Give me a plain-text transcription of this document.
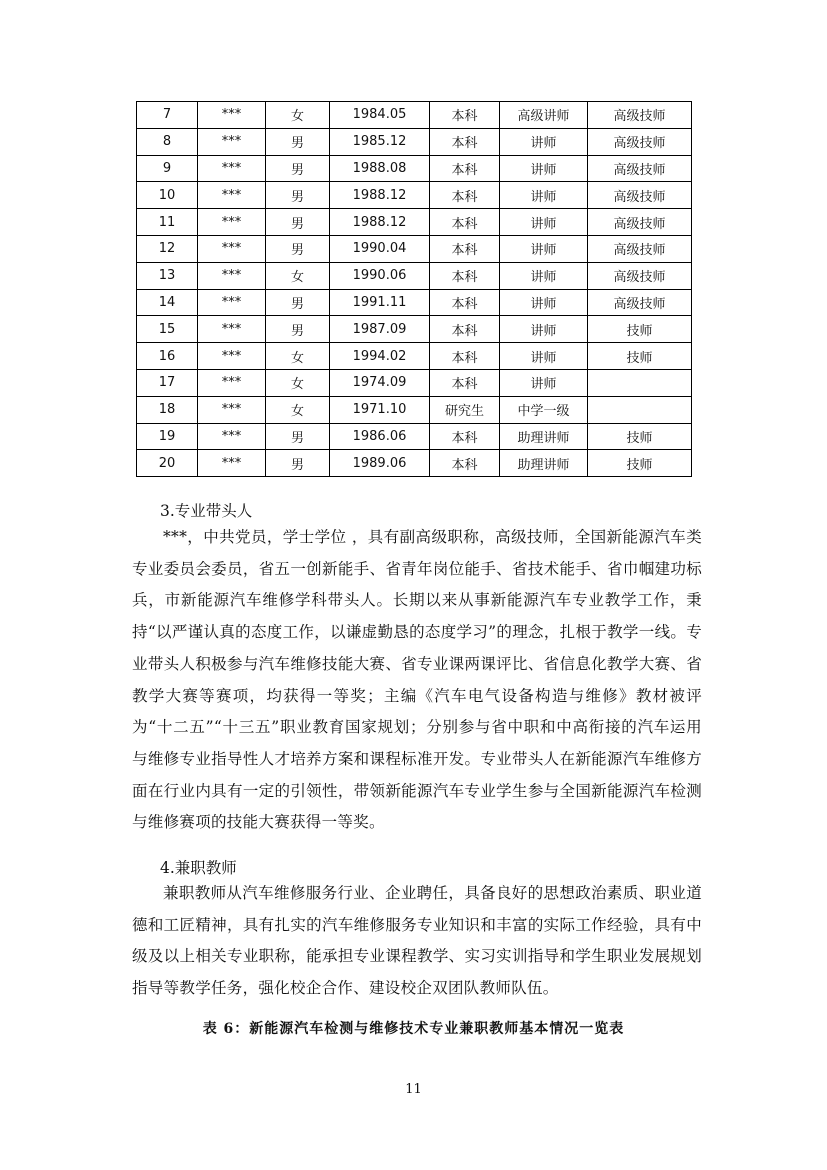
7	***	女	1984.05	本科	高级讲师	高级技师
8	***	男	1985.12	本科	讲师	高级技师
9	***	男	1988.08	本科	讲师	高级技师
10	***	男	1988.12	本科	讲师	高级技师
11	***	男	1988.12	本科	讲师	高级技师
12	***	男	1990.04	本科	讲师	高级技师
13	***	女	1990.06	本科	讲师	高级技师
14	***	男	1991.11	本科	讲师	高级技师
15	***	男	1987.09	本科	讲师	技师
16	***	女	1994.02	本科	讲师	技师
17	***	女	1974.09	本科	讲师	
18	***	女	1971.10	研究生	中学一级	
19	***	男	1986.06	本科	助理讲师	技师
20	***	男	1989.06	本科	助理讲师	技师
3.专业带头人

***，中共党员，学士学位 ，具有副高级职称，高级技师，全国新能源汽车类专业委员会委员，省五一创新能手、省青年岗位能手、省技术能手、省巾帼建功标兵，市新能源汽车维修学科带头人。长期以来从事新能源汽车专业教学工作，秉持“以严谨认真的态度工作，以谦虚勤恳的态度学习”的理念，扎根于教学一线。专业带头人积极参与汽车维修技能大赛、省专业课两课评比、省信息化教学大赛、省教学大赛等赛项，均获得一等奖；主编《汽车电气设备构造与维修》教材被评为“十二五”“十三五”职业教育国家规划；分别参与省中职和中高衔接的汽车运用与维修专业指导性人才培养方案和课程标准开发。专业带头人在新能源汽车维修方面在行业内具有一定的引领性，带领新能源汽车专业学生参与全国新能源汽车检测与维修赛项的技能大赛获得一等奖。

4.兼职教师

兼职教师从汽车维修服务行业、企业聘任，具备良好的思想政治素质、职业道德和工匠精神，具有扎实的汽车维修服务专业知识和丰富的实际工作经验，具有中级及以上相关专业职称，能承担专业课程教学、实习实训指导和学生职业发展规划指导等教学任务，强化校企合作、建设校企双团队教师队伍。

表 6：新能源汽车检测与维修技术专业兼职教师基本情况一览表
11
